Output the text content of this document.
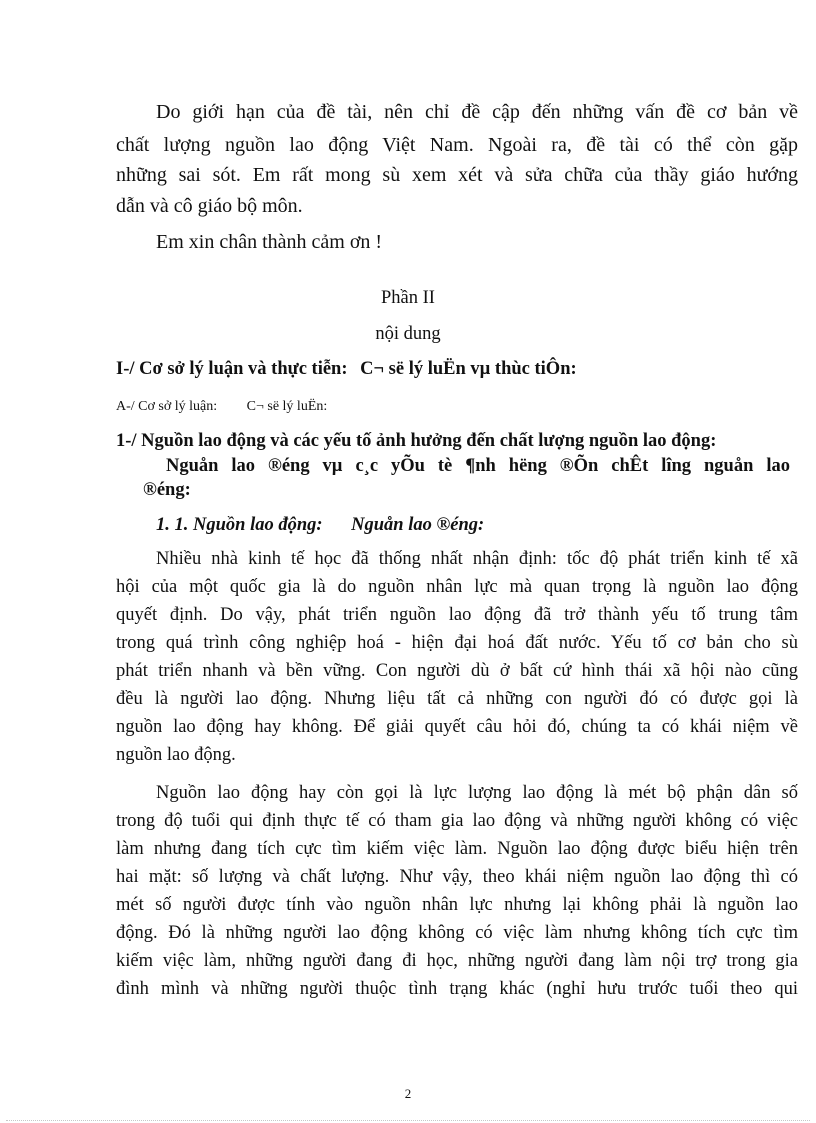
Do giới hạn của đề tài, nên chỉ đề cập đến những vấn đề cơ bản về
chất lượng nguồn lao động Việt Nam. Ngoài ra, đề tài có thể còn gặp
những sai sót. Em rất mong sù xem xét và sửa chữa của thầy giáo hướng
dẫn và cô giáo bộ môn.
Em xin chân thành cảm ơn !
Phần II
nội dung
I-/ Cơ sở lý luận và thực tiễn: C¬ së lý luËn vµ thùc tiÔn:
A-/ Cơ sở lý luận: C¬ së lý luËn:
1-/ Nguồn lao động và các yếu tố ảnh hưởng đến chất lượng nguồn lao động:
Nguån lao ®éng vµ c¸c yÕu tè ¶nh hëng ®Õn chÊt lîng nguån lao
®éng:
1. 1. Nguồn lao động: Nguån lao ®éng:
Nhiều nhà kinh tế học đã thống nhất nhận định: tốc độ phát triển kinh tế xã
hội của một quốc gia là do nguồn nhân lực mà quan trọng là nguồn lao động
quyết định. Do vậy, phát triển nguồn lao động đã trở thành yếu tố trung tâm
trong quá trình công nghiệp hoá - hiện đại hoá đất nước. Yếu tố cơ bản cho sù
phát triển nhanh và bền vững. Con người dù ở bất cứ hình thái xã hội nào cũng
đều là người lao động. Nhưng liệu tất cả những con người đó có được gọi là
nguồn lao động hay không. Để giải quyết câu hỏi đó, chúng ta có khái niệm về
nguồn lao động.
Nguồn lao động hay còn gọi là lực lượng lao động là mét bộ phận dân số
trong độ tuổi qui định thực tế có tham gia lao động và những người không có việc
làm nhưng đang tích cực tìm kiếm việc làm. Nguồn lao động được biểu hiện trên
hai mặt: số lượng và chất lượng. Như vậy, theo khái niệm nguồn lao động thì có
mét số người được tính vào nguồn nhân lực nhưng lại không phải là nguồn lao
động. Đó là những người lao động không có việc làm nhưng không tích cực tìm
kiếm việc làm, những người đang đi học, những người đang làm nội trợ trong gia
đình mình và những người thuộc tình trạng khác (nghỉ hưu trước tuổi theo qui
2
